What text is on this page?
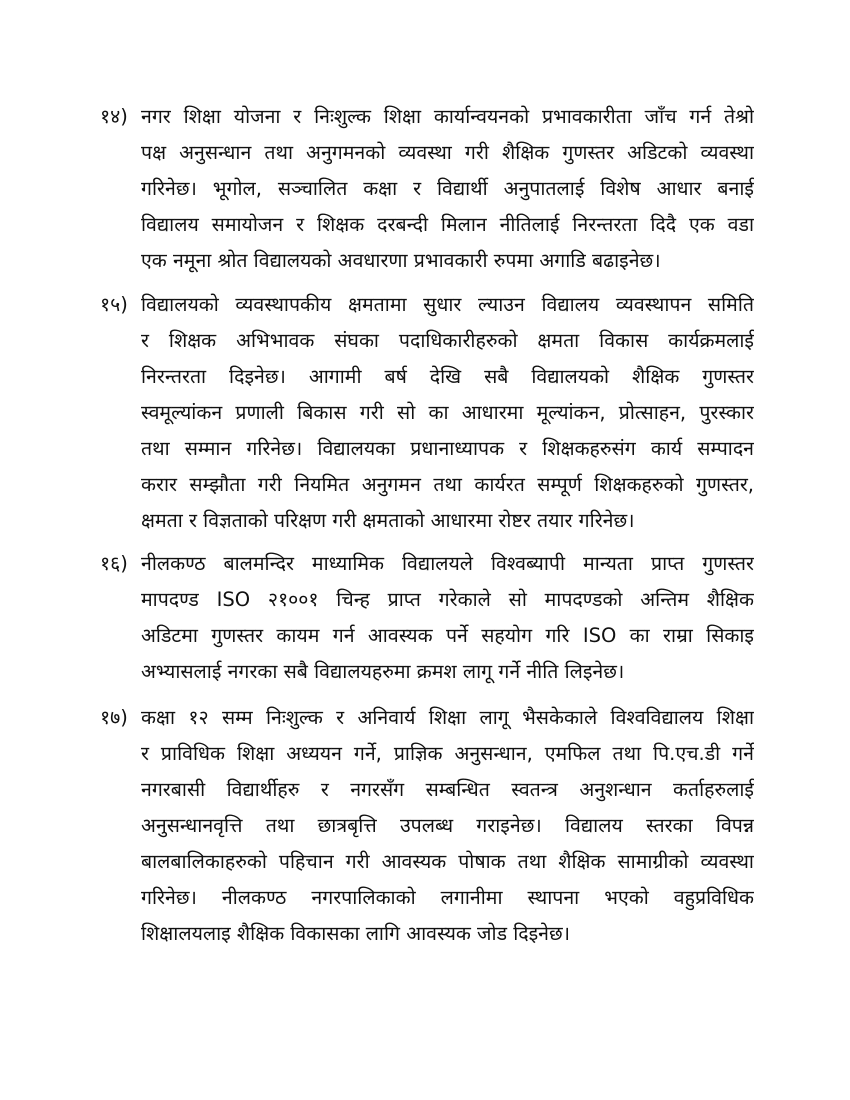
१४) नगर शिक्षा योजना र निःशुल्क शिक्षा कार्यान्वयनको प्रभावकारीता जाँच गर्न तेश्रो
पक्ष अनुसन्धान तथा अनुगमनको व्यवस्था गरी शैक्षिक गुणस्तर अडिटको व्यवस्था
गरिनेछ। भूगोल, सञ्चालित कक्षा र विद्यार्थी अनुपातलाई विशेष आधार बनाई
विद्यालय समायोजन र शिक्षक दरबन्दी मिलान नीतिलाई निरन्तरता दिदै एक वडा
एक नमूना श्रोत विद्यालयको अवधारणा प्रभावकारी रुपमा अगाडि बढाइनेछ।
१५) विद्यालयको व्यवस्थापकीय क्षमतामा सुधार ल्याउन विद्यालय व्यवस्थापन समिति
र शिक्षक अभिभावक संघका पदाधिकारीहरुको क्षमता विकास कार्यक्रमलाई
निरन्तरता दिइनेछ। आगामी बर्ष देखि सबै विद्यालयको शैक्षिक गुणस्तर
स्वमूल्यांकन प्रणाली बिकास गरी सो का आधारमा मूल्यांकन, प्रोत्साहन, पुरस्कार
तथा सम्मान गरिनेछ। विद्यालयका प्रधानाध्यापक र शिक्षकहरुसंग कार्य सम्पादन
करार सम्झौता गरी नियमित अनुगमन तथा कार्यरत सम्पूर्ण शिक्षकहरुको गुणस्तर,
क्षमता र विज्ञताको परिक्षण गरी क्षमताको आधारमा रोष्टर तयार गरिनेछ।
१६) नीलकण्ठ बालमन्दिर माध्यामिक विद्यालयले विश्वब्यापी मान्यता प्राप्त गुणस्तर
मापदण्ड ISO २१००१ चिन्ह प्राप्त गरेकाले सो मापदण्डको अन्तिम शैक्षिक
अडिटमा गुणस्तर कायम गर्न आवस्यक पर्ने सहयोग गरि ISO का राम्रा सिकाइ
अभ्यासलाई नगरका सबै विद्यालयहरुमा क्रमश लागू गर्ने नीति लिइनेछ।
१७) कक्षा १२ सम्म निःशुल्क र अनिवार्य शिक्षा लागू भैसकेकाले विश्वविद्यालय शिक्षा
र प्राविधिक शिक्षा अध्ययन गर्ने, प्राज्ञिक अनुसन्धान, एमफिल तथा पि.एच.डी गर्ने
नगरबासी विद्यार्थीहरु र नगरसँग सम्बन्धित स्वतन्त्र अनुशन्धान कर्ताहरुलाई
अनुसन्धानवृत्ति तथा छात्रबृत्ति उपलब्ध गराइनेछ। विद्यालय स्तरका विपन्न
बालबालिकाहरुको पहिचान गरी आवस्यक पोषाक तथा शैक्षिक सामाग्रीको व्यवस्था
गरिनेछ। नीलकण्ठ नगरपालिकाको लगानीमा स्थापना भएको वहुप्रविधिक
शिक्षालयलाइ शैक्षिक विकासका लागि आवस्यक जोड दिइनेछ।
